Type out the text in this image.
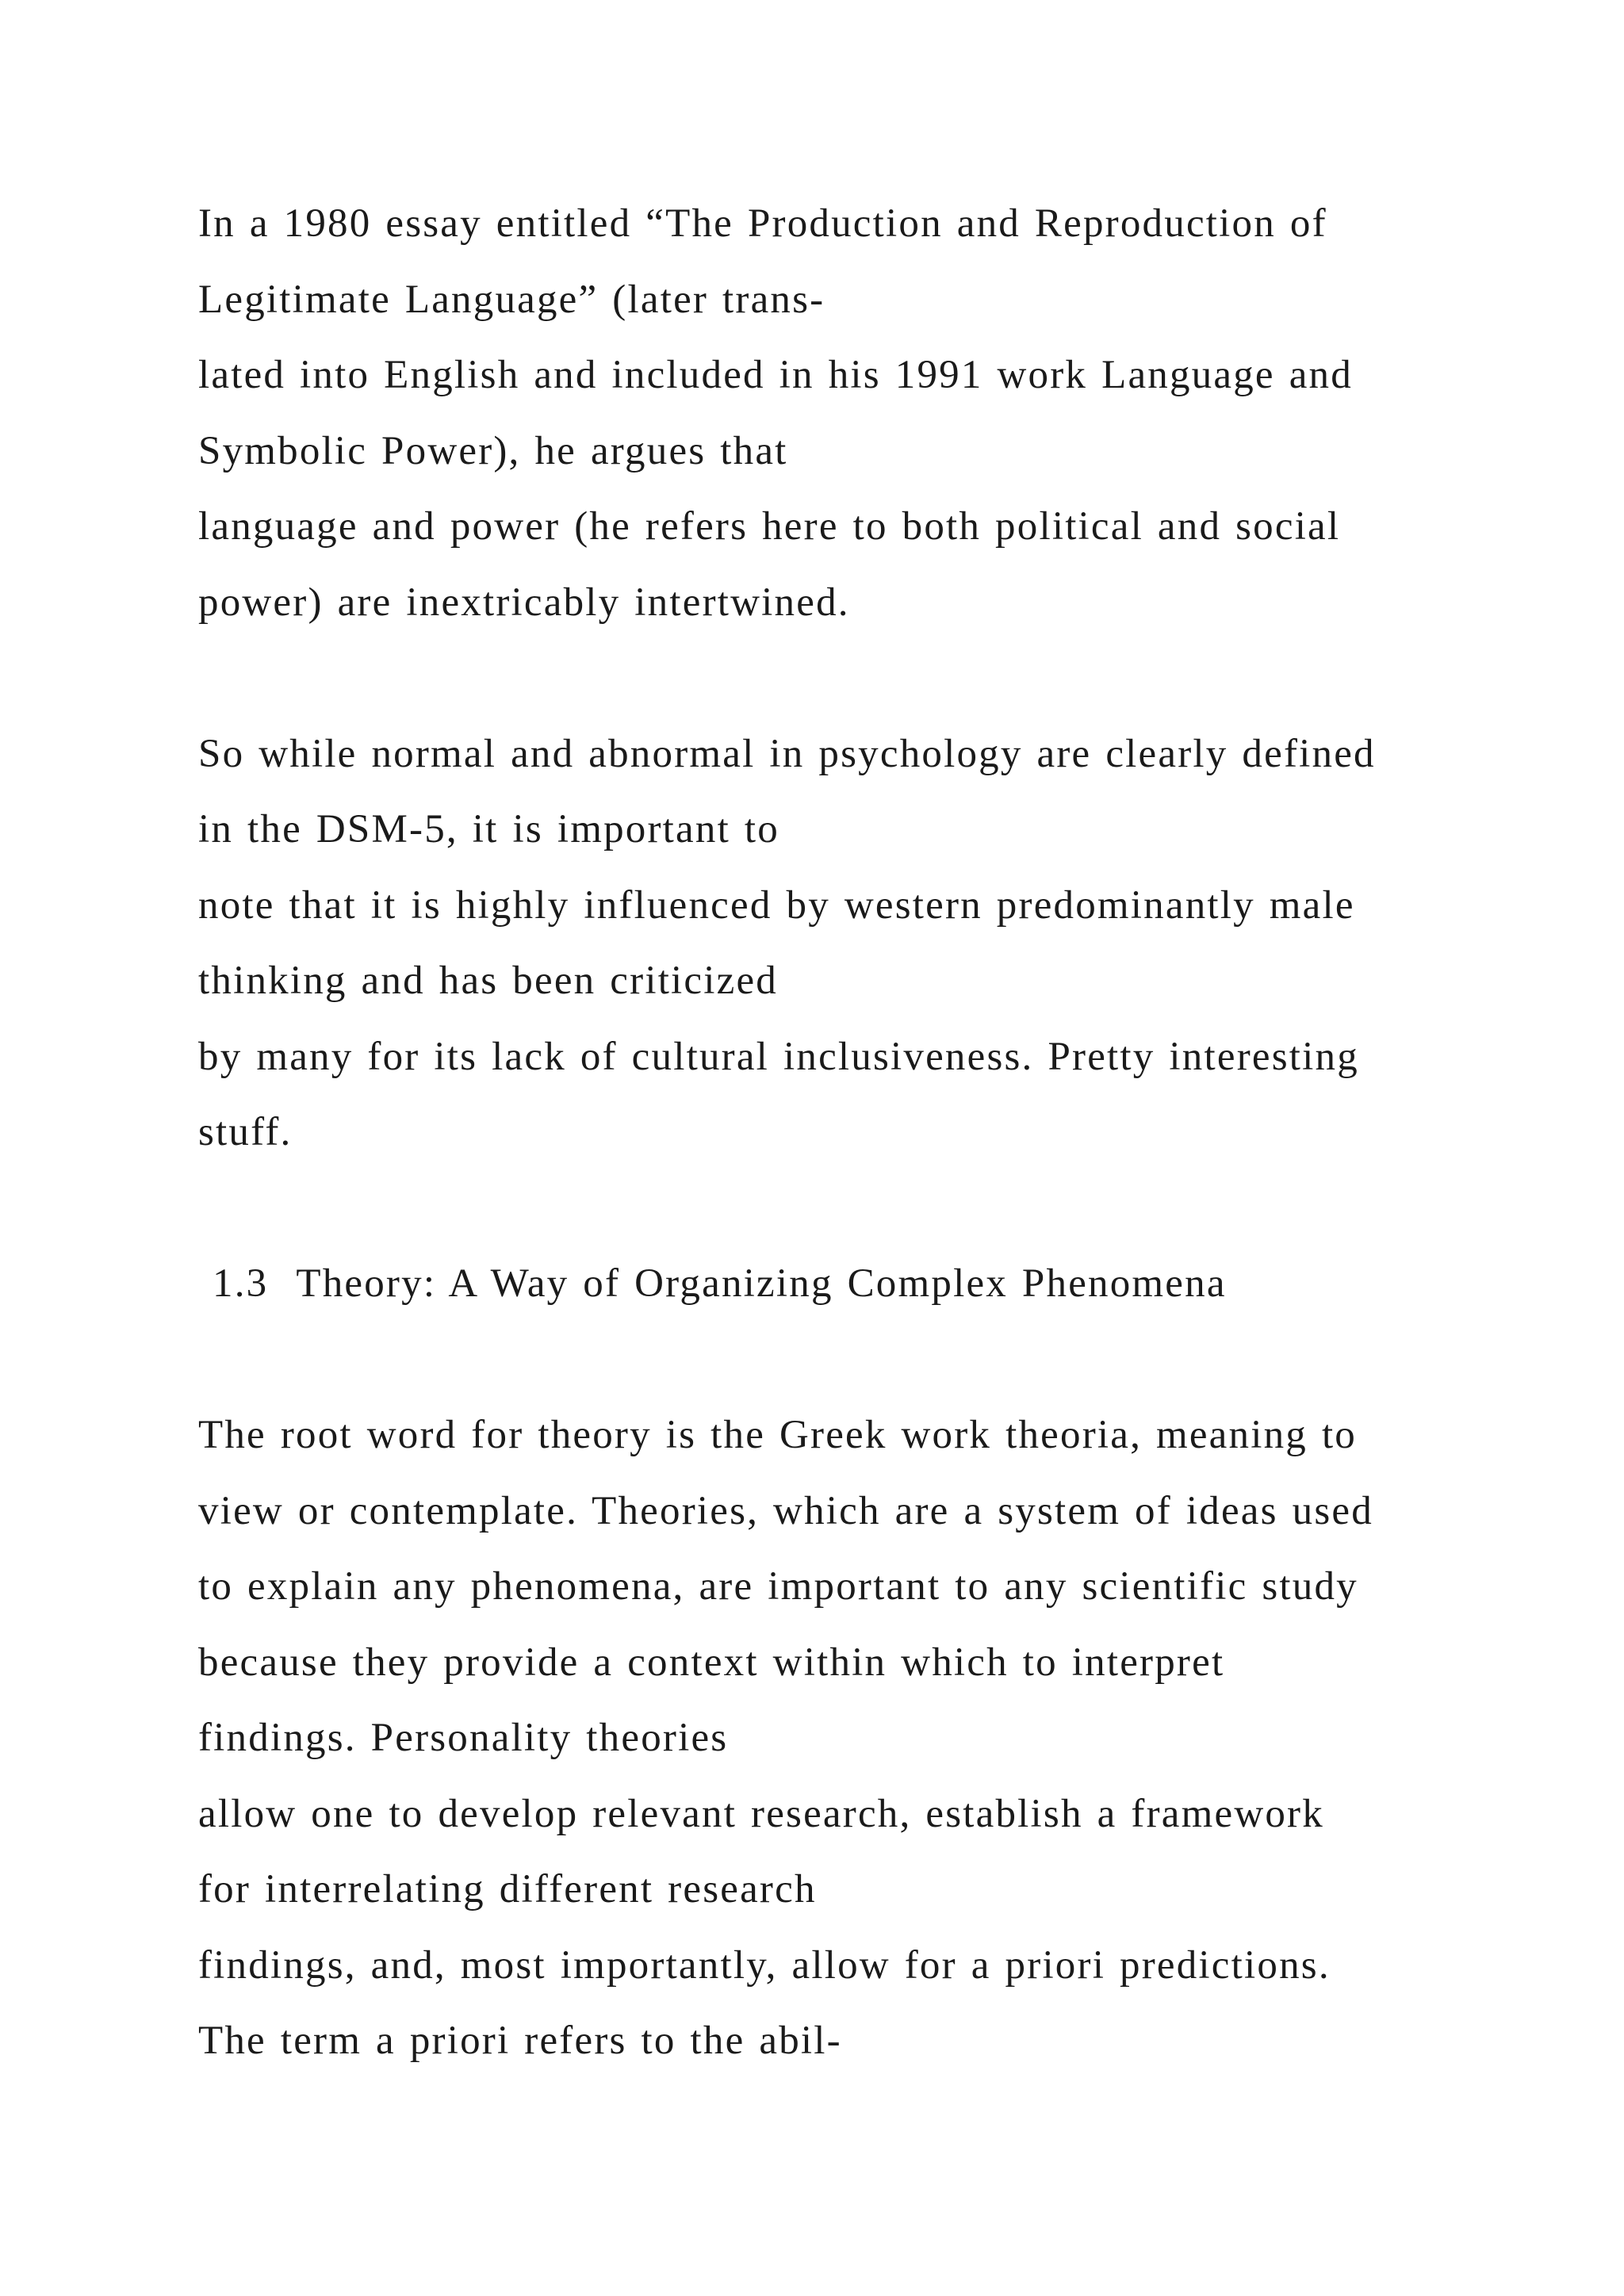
In a 1980 essay entitled “The Production and Reproduction of
Legitimate Language” (later trans-
lated into English and included in his 1991 work Language and
Symbolic Power), he argues that
language and power (he refers here to both political and social
power) are inextricably intertwined.
So while normal and abnormal in psychology are clearly defined
in the DSM-5, it is important to
note that it is highly influenced by western predominantly male
thinking and has been criticized
by many for its lack of cultural inclusiveness. Pretty interesting
stuff.
1.3 Theory: A Way of Organizing Complex Phenomena
The root word for theory is the Greek work theoria, meaning to
view or contemplate. Theories, which are a system of ideas used
to explain any phenomena, are important to any scientific study
because they provide a context within which to interpret
findings. Personality theories
allow one to develop relevant research, establish a framework
for interrelating different research
findings, and, most importantly, allow for a priori predictions.
The term a priori refers to the abil-
